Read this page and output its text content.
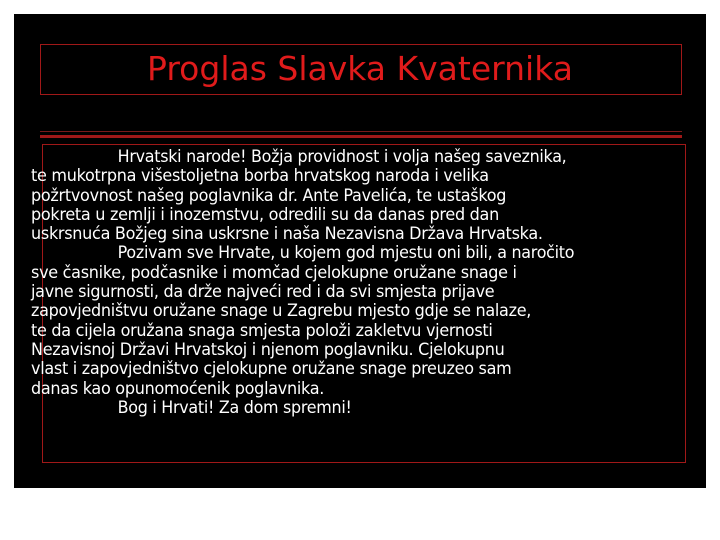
Proglas Slavka Kvaternika

Hrvatski narode! Božja providnost i volja našeg saveznika,
te mukotrpna višestoljetna borba hrvatskog naroda i velika
požrtvovnost našeg poglavnika dr. Ante Pavelića, te ustaškog
pokreta u zemlji i inozemstvu, odredili su da danas pred dan
uskrsnuća Božjeg sina uskrsne i naša Nezavisna Država Hrvatska.

Pozivam sve Hrvate, u kojem god mjestu oni bili, a naročito
sve časnike, podčasnike i momčad cjelokupne oružane snage i
javne sigurnosti, da drže najveći red i da svi smjesta prijave
zapovjedništvu oružane snage u Zagrebu mjesto gdje se nalaze,
te da cijela oružana snaga smjesta položi zakletvu vjernosti
Nezavisnoj Državi Hrvatskoj i njenom poglavniku. Cjelokupnu
vlast i zapovjedništvo cjelokupne oružane snage preuzeo sam
danas kao opunomoćenik poglavnika.

Bog i Hrvati! Za dom spremni!
